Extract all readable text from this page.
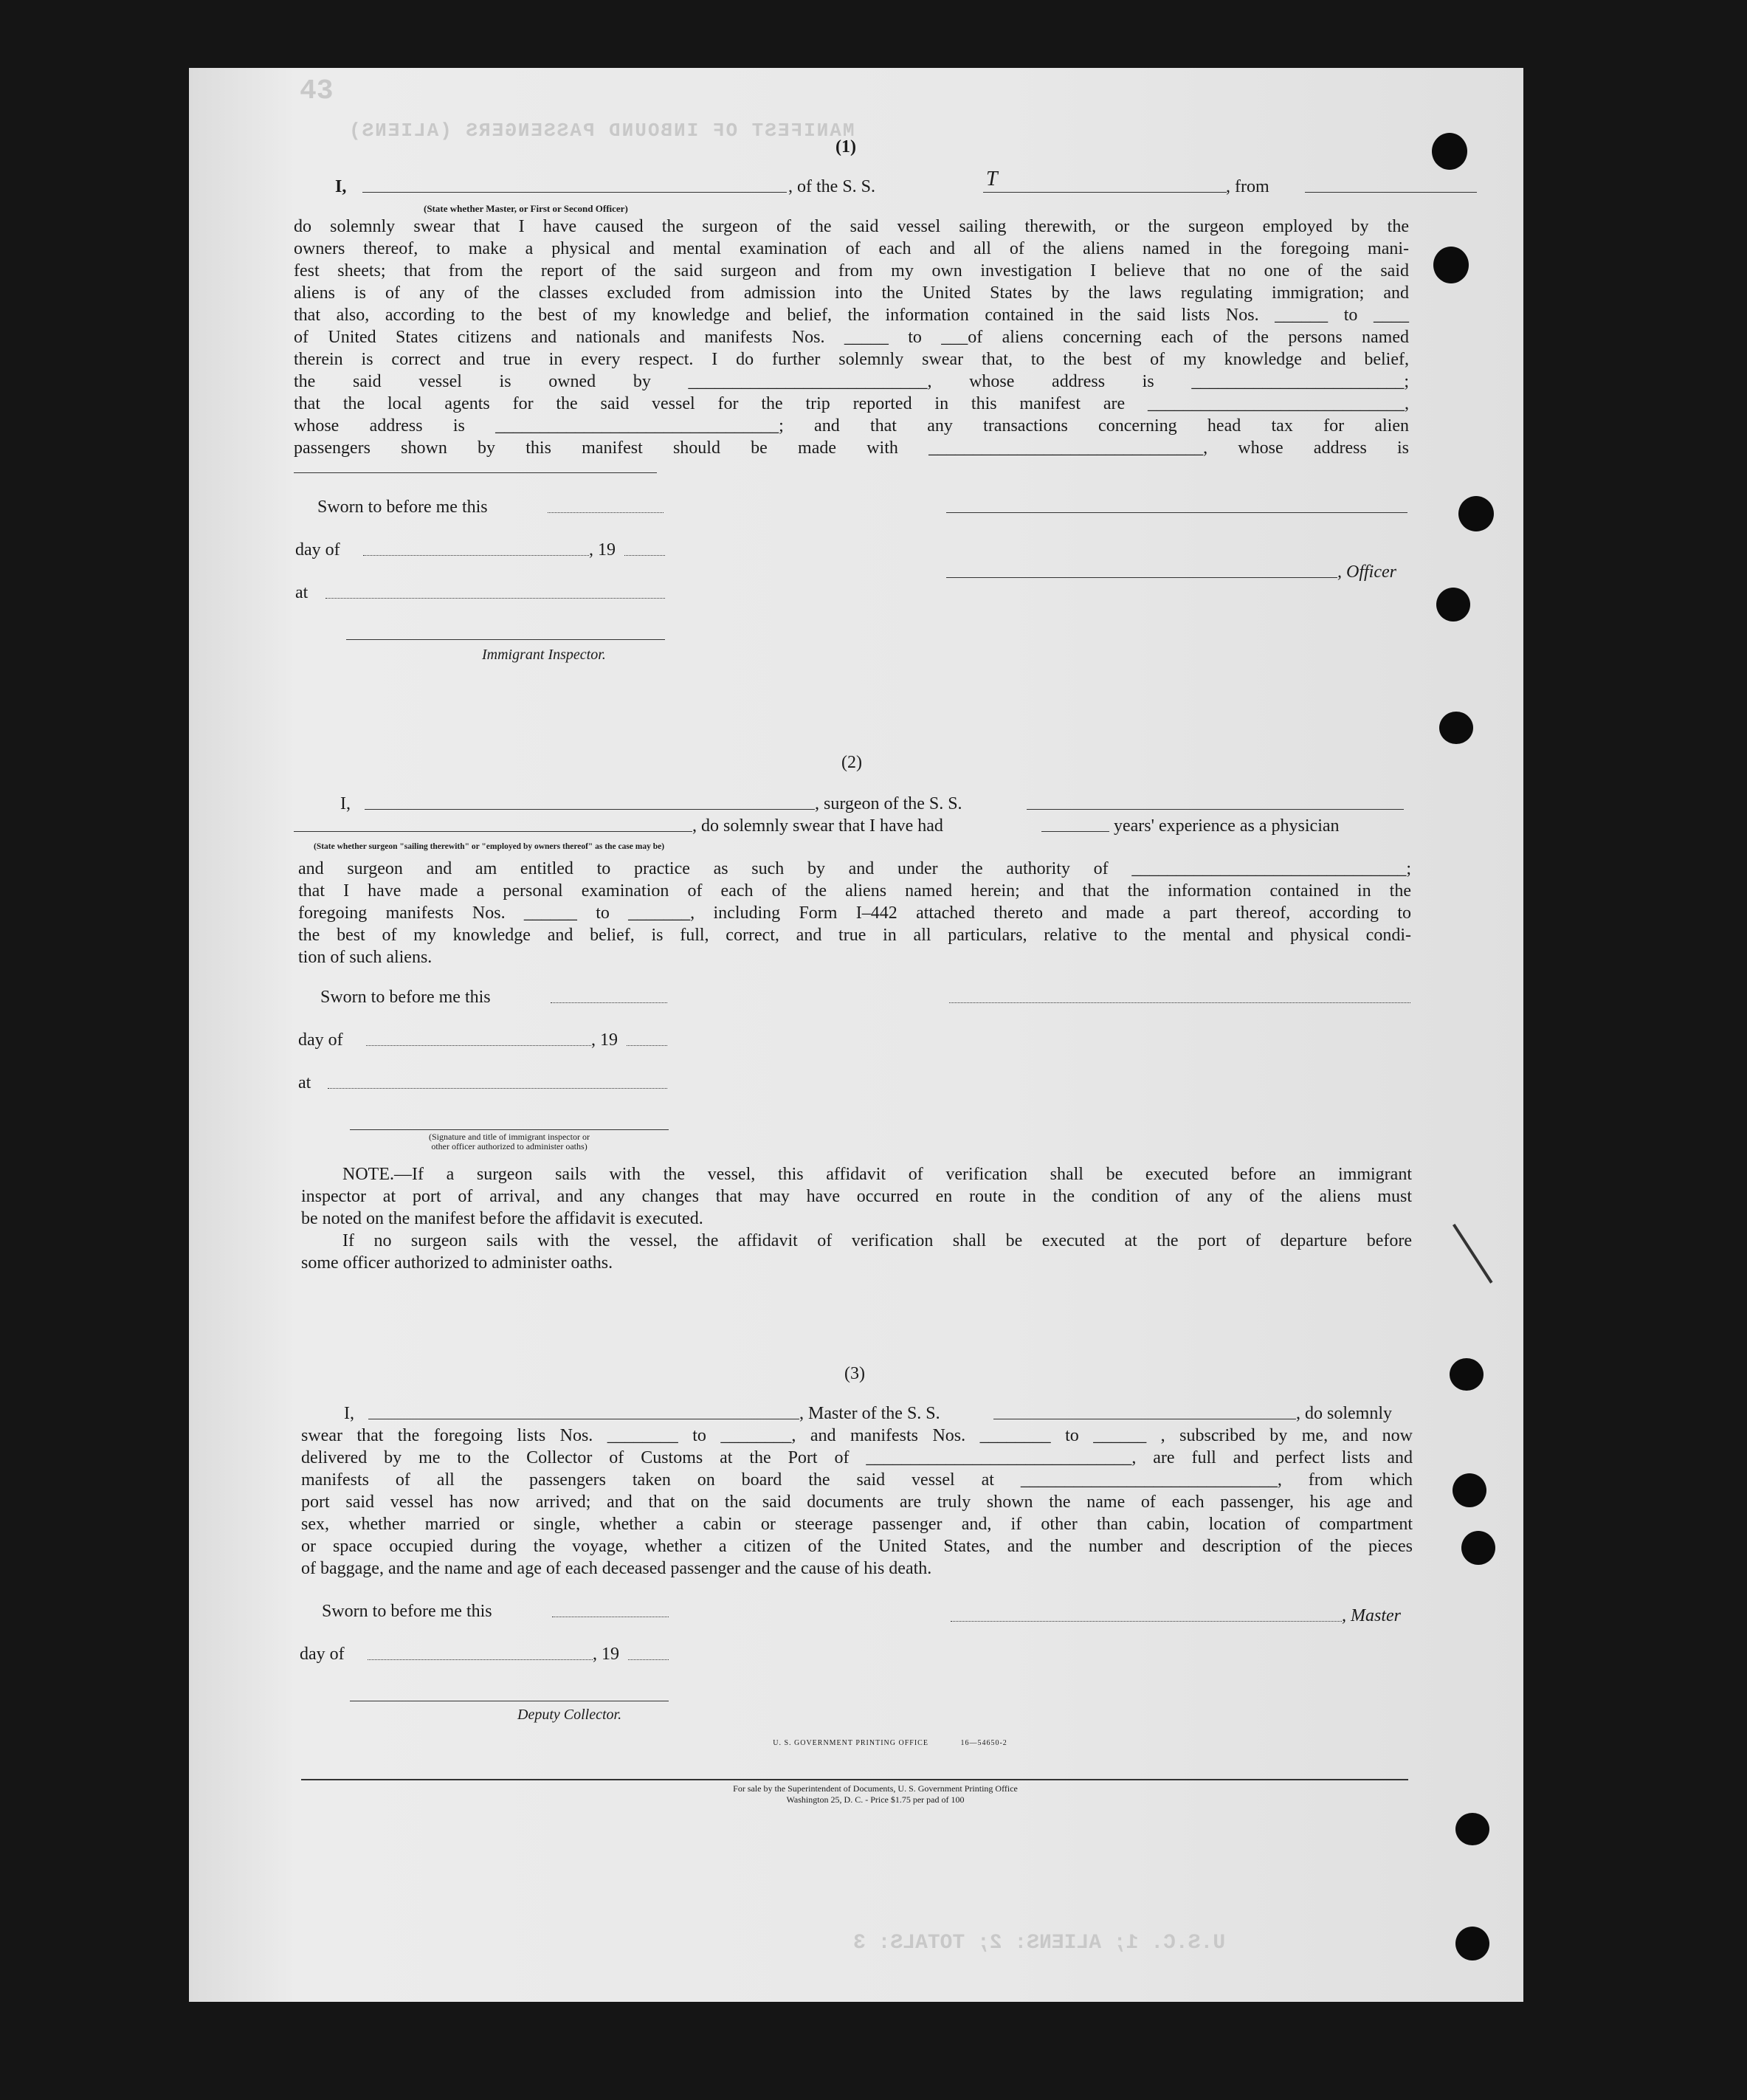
43
MANIFEST OF INBOUND PASSENGERS (ALIENS)
U.S.C. 1; ALIENS: 2; TOTALS: 3
(1)
I,	, of the S. S.	T	, from
(State whether Master, or First or Second Officer)
do solemnly swear that I have caused the surgeon of the said vessel sailing therewith, or the surgeon employed by the
owners thereof, to make a physical and mental examination of each and all of the aliens named in the foregoing mani-
fest sheets; that from the report of the said surgeon and from my own investigation I believe that no one of the said
aliens is of any of the classes excluded from admission into the United States by the laws regulating immigration; and
that also, according to the best of my knowledge and belief, the information contained in the said lists Nos. ______ to ____
of United States citizens and nationals and manifests Nos. _____ to ___of aliens concerning each of the persons named
therein is correct and true in every respect. I do further solemnly swear that, to the best of my knowledge and belief,
the said vessel is owned by ___________________________, whose address is ________________________;
that the local agents for the said vessel for the trip reported in this manifest are _____________________________,
whose address is ________________________________; and that any transactions concerning head tax for alien
passengers shown by this manifest should be made with _______________________________, whose address is
Sworn to before me this
day of	, 19
, Officer
at
Immigrant Inspector.
(2)
I,	, surgeon of the S. S.
, do solemnly swear that I have had	years' experience as a physician
(State whether surgeon "sailing therewith" or "employed by owners thereof" as the case may be)
and surgeon and am entitled to practice as such by and under the authority of _______________________________;
that I have made a personal examination of each of the aliens named herein; and that the information contained in the
foregoing manifests Nos. ______ to _______, including Form I–442 attached thereto and made a part thereof, according to
the best of my knowledge and belief, is full, correct, and true in all particulars, relative to the mental and physical condi-
tion of such aliens.
Sworn to before me this
day of	, 19
at
(Signature and title of immigrant inspector or
other officer authorized to administer oaths)
NOTE.—If a surgeon sails with the vessel, this affidavit of verification shall be executed before an immigrant
inspector at port of arrival, and any changes that may have occurred en route in the condition of any of the aliens must
be noted on the manifest before the affidavit is executed.
If no surgeon sails with the vessel, the affidavit of verification shall be executed at the port of departure before
some officer authorized to administer oaths.
(3)
I,	, Master of the S. S.	, do solemnly
swear that the foregoing lists Nos. ________ to ________, and manifests Nos. ________ to ______ , subscribed by me, and now
delivered by me to the Collector of Customs at the Port of ______________________________, are full and perfect lists and
manifests of all the passengers taken on board the said vessel at _____________________________, from which
port said vessel has now arrived; and that on the said documents are truly shown the name of each passenger, his age and
sex, whether married or single, whether a cabin or steerage passenger and, if other than cabin, location of compartment
or space occupied during the voyage, whether a citizen of the United States, and the number and description of the pieces
of baggage, and the name and age of each deceased passenger and the cause of his death.
Sworn to before me this	, Master
day of	, 19
Deputy Collector.
U. S. GOVERNMENT PRINTING OFFICE	16—54650-2
For sale by the Superintendent of Documents, U. S. Government Printing Office
Washington 25, D. C. - Price $1.75 per pad of 100
